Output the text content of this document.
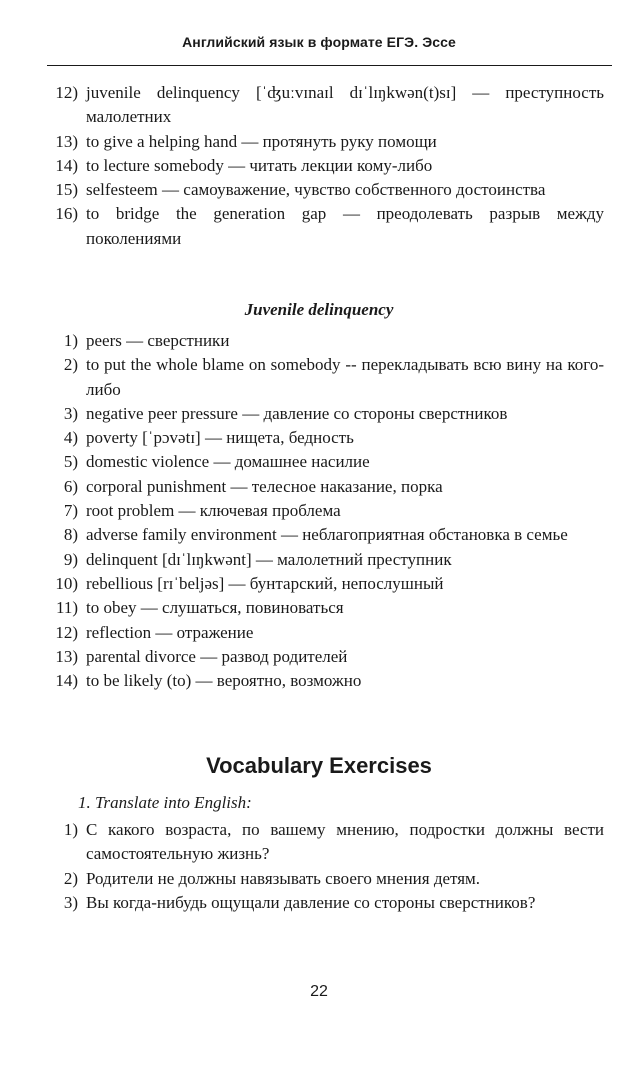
Английский язык в формате ЕГЭ. Эссе
12) juvenile delinquency [ˈʤuːvɪnaɪl dɪˈlɪŋkwən(t)sɪ] — преступность малолетних
13) to give a helping hand — протянуть руку помощи
14) to lecture somebody — читать лекции кому-либо
15) selfesteem — самоуважение, чувство собственного достоинства
16) to bridge the generation gap — преодолевать разрыв между поколениями
Juvenile delinquency
1) peers — сверстники
2) to put the whole blame on somebody -- перекладывать всю вину на кого-либо
3) negative peer pressure — давление со стороны сверстников
4) poverty [ˈpɔvətɪ] — нищета, бедность
5) domestic violence — домашнее насилие
6) corporal punishment — телесное наказание, порка
7) root problem — ключевая проблема
8) adverse family environment — неблагоприятная обстановка в семье
9) delinquent [dɪˈlɪŋkwənt] — малолетний преступник
10) rebellious [rɪˈbeljəs] — бунтарский, непослушный
11) to obey — слушаться, повиноваться
12) reflection — отражение
13) parental divorce — развод родителей
14) to be likely (to) — вероятно, возможно
Vocabulary Exercises
1. Translate into English:
1) С какого возраста, по вашему мнению, подростки должны вести самостоятельную жизнь?
2) Родители не должны навязывать своего мнения детям.
3) Вы когда-нибудь ощущали давление со стороны сверстников?
22
